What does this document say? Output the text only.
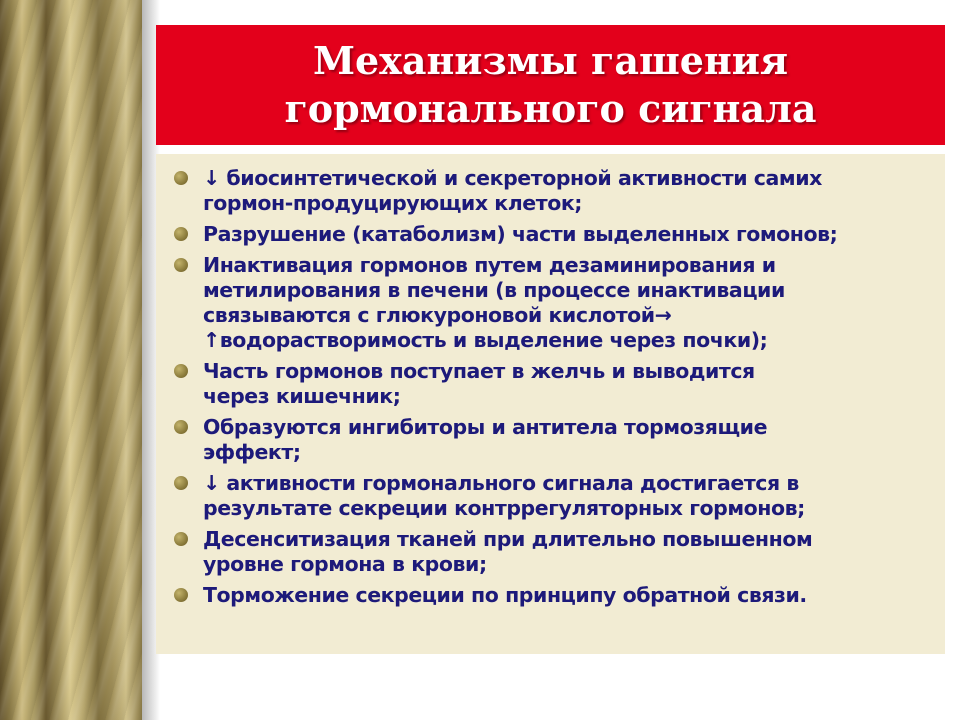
Механизмы гашения
гормонального сигнала
↓ биосинтетической и секреторной активности самих
гормон-продуцирующих клеток;
Разрушение (катаболизм) части выделенных гомонов;
Инактивация гормонов путем дезаминирования и
метилирования в печени (в процессе инактивации
связываются с глюкуроновой кислотой→
↑водорастворимость и выделение через почки);
Часть гормонов поступает в желчь и выводится
через кишечник;
Образуются ингибиторы и антитела тормозящие
эффект;
↓ активности гормонального сигнала достигается в
результате секреции контррегуляторных гормонов;
Десенситизация тканей при длительно повышенном
уровне гормона в крови;
Торможение секреции по принципу обратной связи.
